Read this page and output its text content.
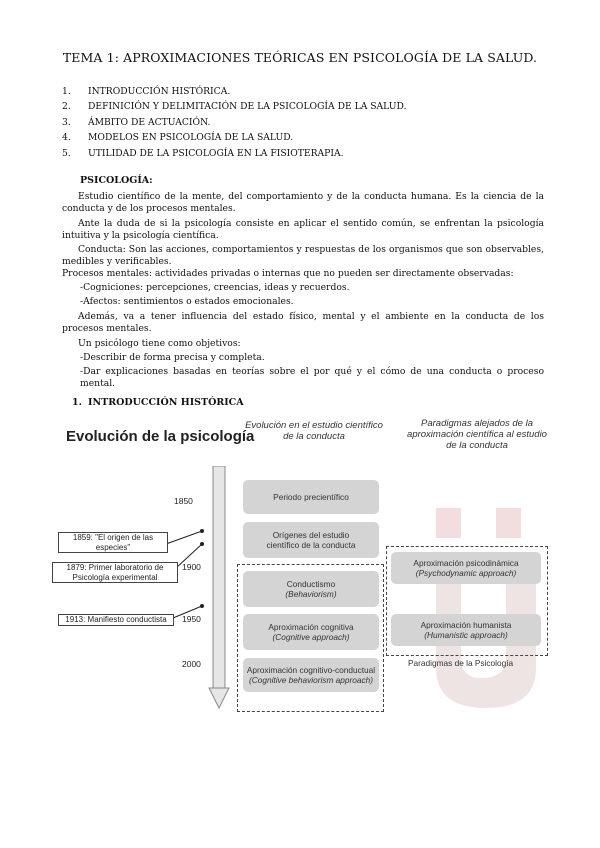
TEMA 1: APROXIMACIONES TEÓRICAS EN PSICOLOGÍA DE LA SALUD.
1.	INTRODUCCIÓN HISTÓRICA.
2.	DEFINICIÓN Y DELIMITACIÓN DE LA PSICOLOGÍA DE LA SALUD.
3.	ÁMBITO DE ACTUACIÓN.
4.	MODELOS EN PSICOLOGÍA DE LA SALUD.
5.	UTILIDAD DE LA PSICOLOGÍA EN LA FISIOTERAPIA.
PSICOLOGÍA:
Estudio científico de la mente, del comportamiento y de la conducta humana. Es la ciencia de la conducta y de los procesos mentales.
Ante la duda de si la psicología consiste en aplicar el sentido común, se enfrentan la psicología intuitiva y la psicología científica.
Conducta: Son las acciones, comportamientos y respuestas de los organismos que son observables, medibles y verificables.
Procesos mentales: actividades privadas o internas que no pueden ser directamente observadas:
-Cogniciones: percepciones, creencias, ideas y recuerdos.
-Afectos: sentimientos o estados emocionales.
Además, va a tener influencia del estado físico, mental y el ambiente en la conducta de los procesos mentales.
Un psicólogo tiene como objetivos:
-Describir de forma precisa y completa.
-Dar explicaciones basadas en teorías sobre el por qué y el cómo de una conducta o proceso mental.
1. INTRODUCCIÓN HISTÓRICA
Evolución de la psicología
Evolución en el estudio científico de la conducta
Paradigmas alejados de la aproximación científica al estudio de la conducta
1850
1900
1950
2000
1859: "El origen de las
especies"
1879: Primer laboratorio de
Psicología experimental
1913: Manifiesto conductista
Periodo precientífico
Orígenes del estudio científico de la conducta
Conductismo
(Behaviorism)
Aproximación cognitiva
(Cognitive approach)
Aproximación cognitivo-conductual
(Cognitive behaviorism approach)
Aproximación psicodinámica
(Psychodynamic approach)
Aproximación humanista
(Humanistic approach)
Paradigmas de la Psicología
